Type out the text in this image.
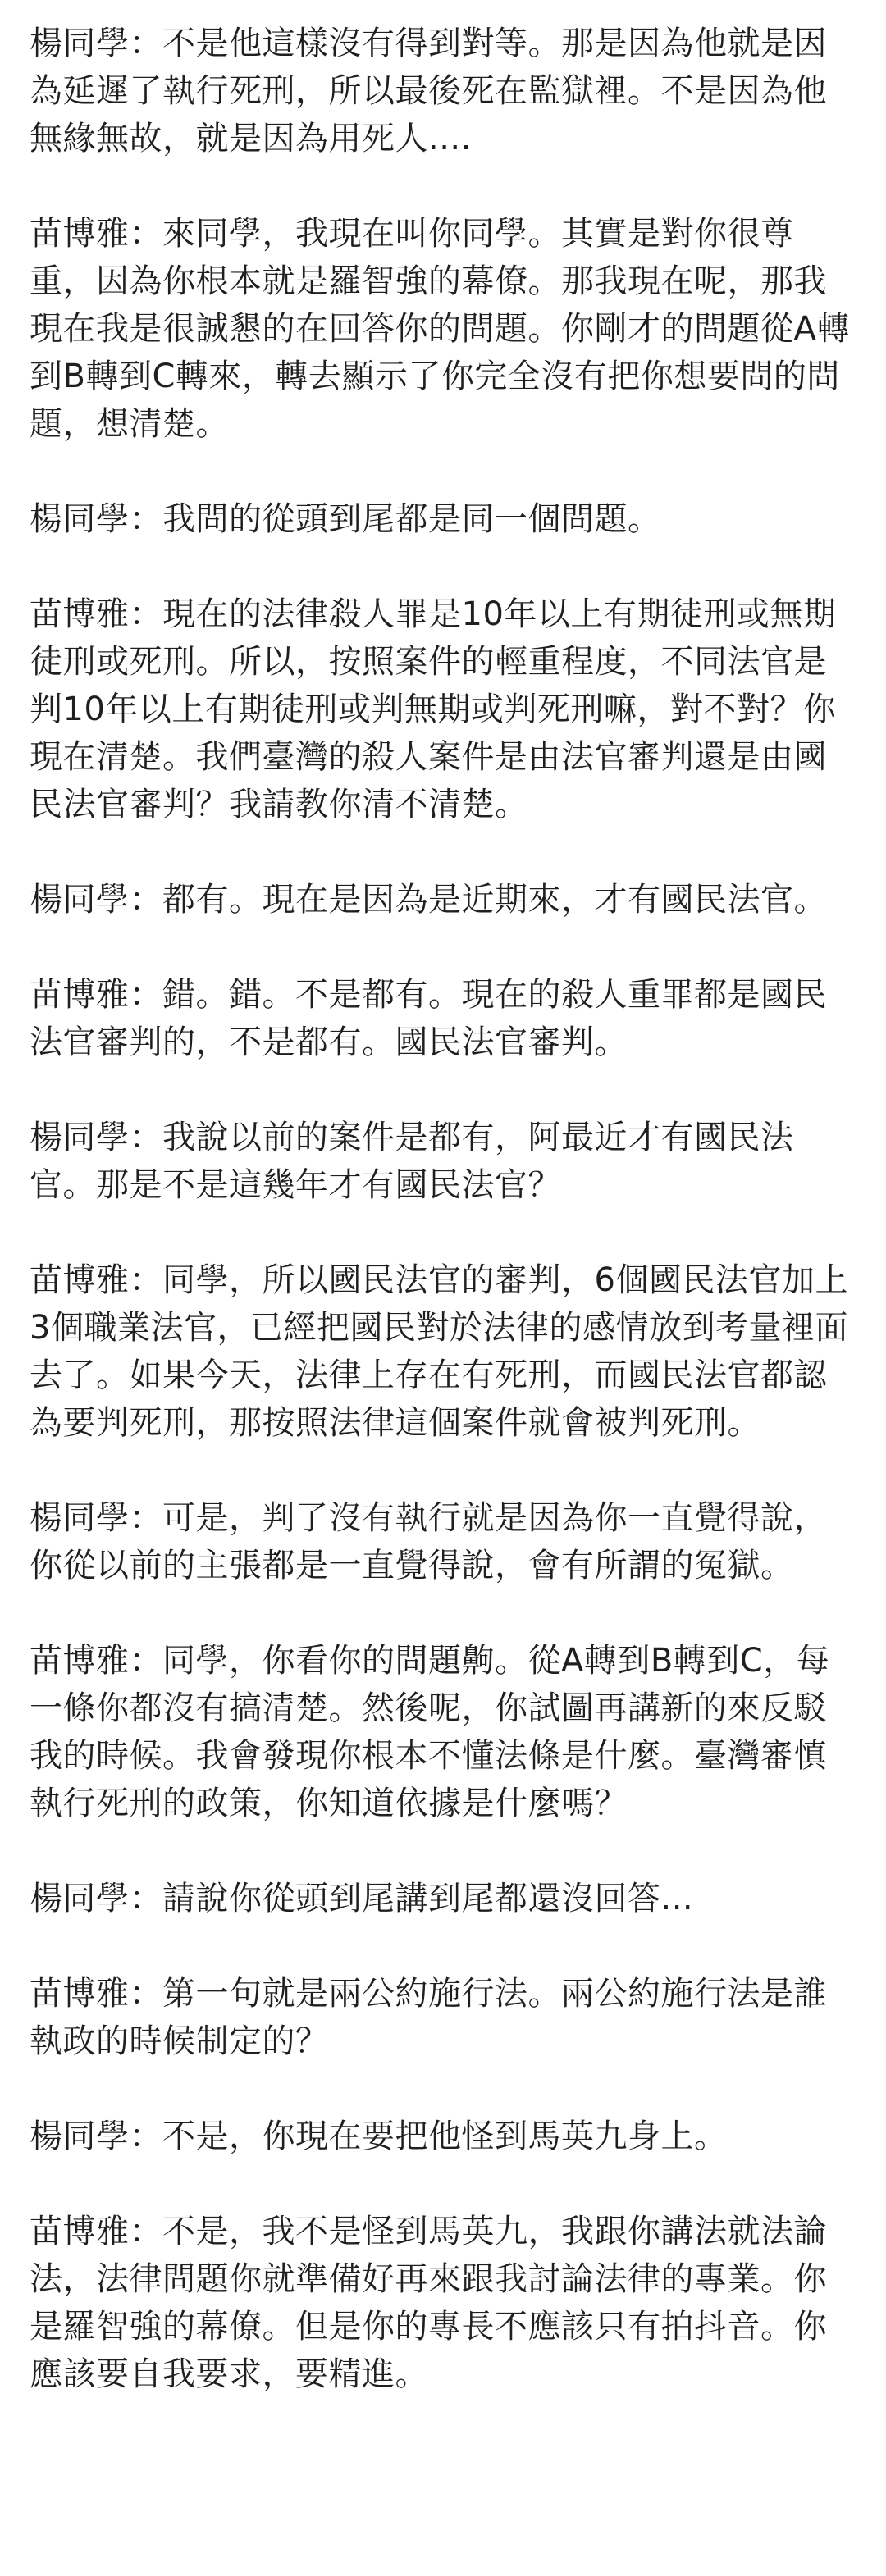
楊同學：不是他這樣沒有得到對等。那是因為他就是因為延遲了執行死刑，所以最後死在監獄裡。不是因為他無緣無故，就是因為用死人....

苗博雅：來同學，我現在叫你同學。其實是對你很尊重，因為你根本就是羅智強的幕僚。那我現在呢，那我現在我是很誠懇的在回答你的問題。你剛才的問題從A轉到B轉到C轉來，轉去顯示了你完全沒有把你想要問的問題，想清楚。

楊同學：我問的從頭到尾都是同一個問題。

苗博雅：現在的法律殺人罪是10年以上有期徒刑或無期徒刑或死刑。所以，按照案件的輕重程度，不同法官是判10年以上有期徒刑或判無期或判死刑嘛，對不對？你現在清楚。我們臺灣的殺人案件是由法官審判還是由國民法官審判？我請教你清不清楚。

楊同學：都有。現在是因為是近期來，才有國民法官。

苗博雅：錯。錯。不是都有。現在的殺人重罪都是國民法官審判的，不是都有。國民法官審判。

楊同學：我說以前的案件是都有，阿最近才有國民法官。那是不是這幾年才有國民法官？

苗博雅：同學，所以國民法官的審判，6個國民法官加上3個職業法官，已經把國民對於法律的感情放到考量裡面去了。如果今天，法律上存在有死刑，而國民法官都認為要判死刑，那按照法律這個案件就會被判死刑。

楊同學：可是，判了沒有執行就是因為你一直覺得說，你從以前的主張都是一直覺得說，會有所謂的冤獄。

苗博雅：同學，你看你的問題齁。從A轉到B轉到C，每一條你都沒有搞清楚。然後呢，你試圖再講新的來反駁我的時候。我會發現你根本不懂法條是什麼。臺灣審慎執行死刑的政策，你知道依據是什麼嗎？

楊同學：請說你從頭到尾講到尾都還沒回答...

苗博雅：第一句就是兩公約施行法。兩公約施行法是誰執政的時候制定的？

楊同學：不是，你現在要把他怪到馬英九身上。

苗博雅：不是，我不是怪到馬英九，我跟你講法就法論法，法律問題你就準備好再來跟我討論法律的專業。你是羅智強的幕僚。但是你的專長不應該只有拍抖音。你應該要自我要求，要精進。
